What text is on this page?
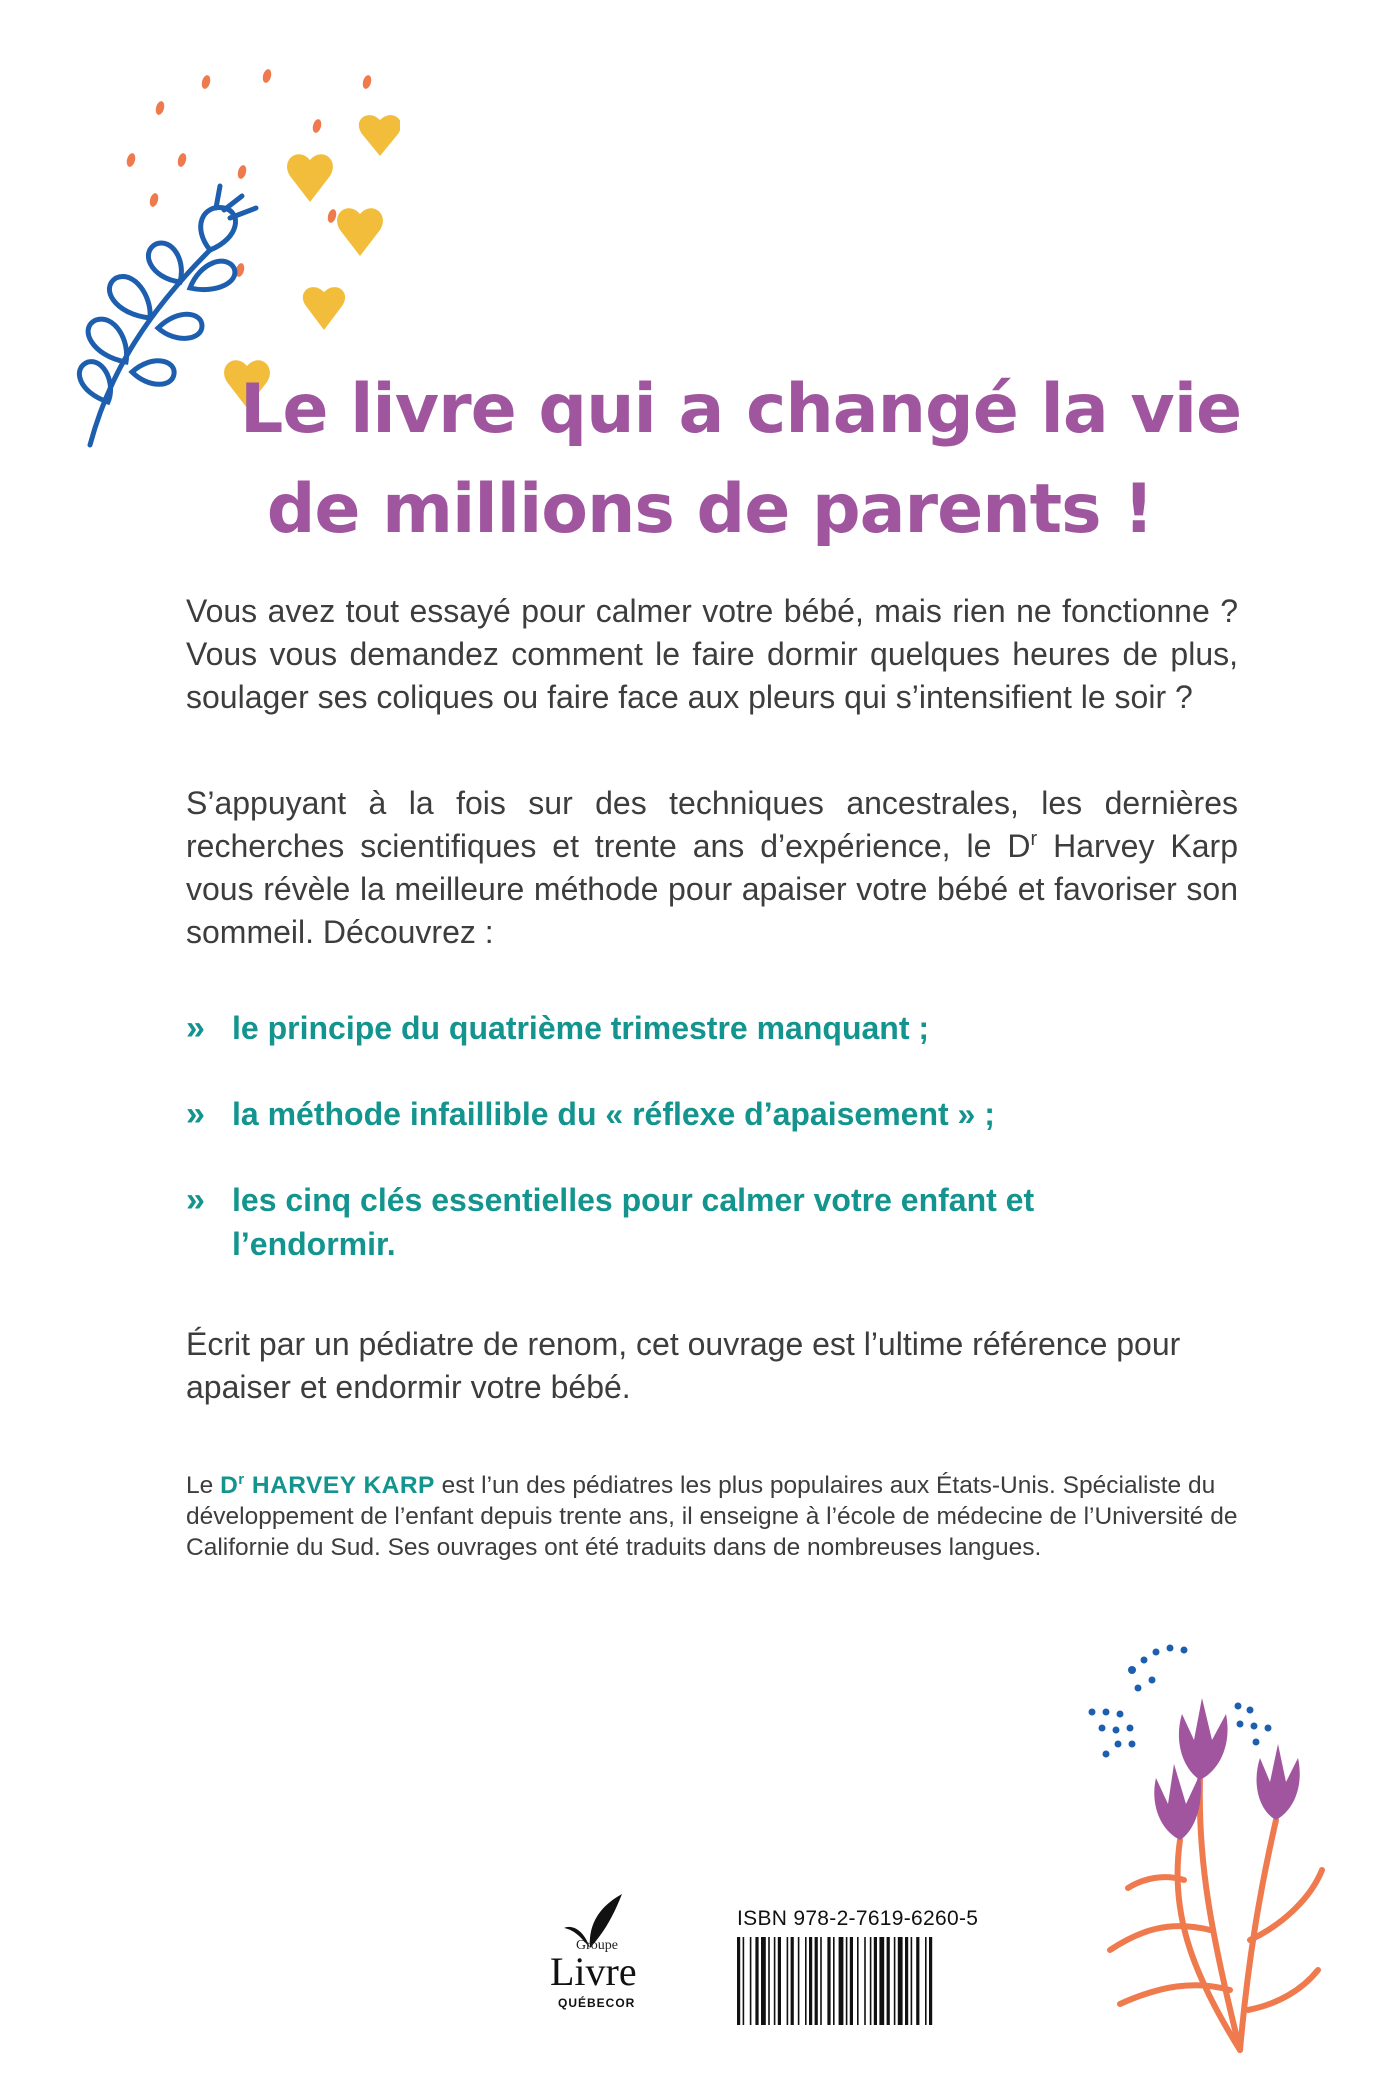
Le livre qui a changé la vie
de millions de parents !

Vous avez tout essayé pour calmer votre bébé, mais rien ne fonctionne ? Vous vous demandez comment le faire dormir quelques heures de plus, soulager ses coliques ou faire face aux pleurs qui s’intensifient le soir ?

S’appuyant à la fois sur des techniques ancestrales, les dernières recherches scientifiques et trente ans d’expérience, le $D^r$ Harvey Karp vous révèle la meilleure méthode pour apaiser votre bébé et favoriser son sommeil. Découvrez :

» le principe du quatrième trimestre manquant ;
» la méthode infaillible du « réflexe d’apaisement » ;
» les cinq clés essentielles pour calmer votre enfant et l’endormir.

Écrit par un pédiatre de renom, cet ouvrage est l’ultime référence pour apaiser et endormir votre bébé.

Le $D^r$ HARVEY KARP est l’un des pédiatres les plus populaires aux États-Unis. Spécialiste du développement de l’enfant depuis trente ans, il enseigne à l’école de médecine de l’Université de Californie du Sud. Ses ouvrages ont été traduits dans de nombreuses langues.

Groupe
Livre
QUÉBECOR
ISBN 978-2-7619-6260-5
